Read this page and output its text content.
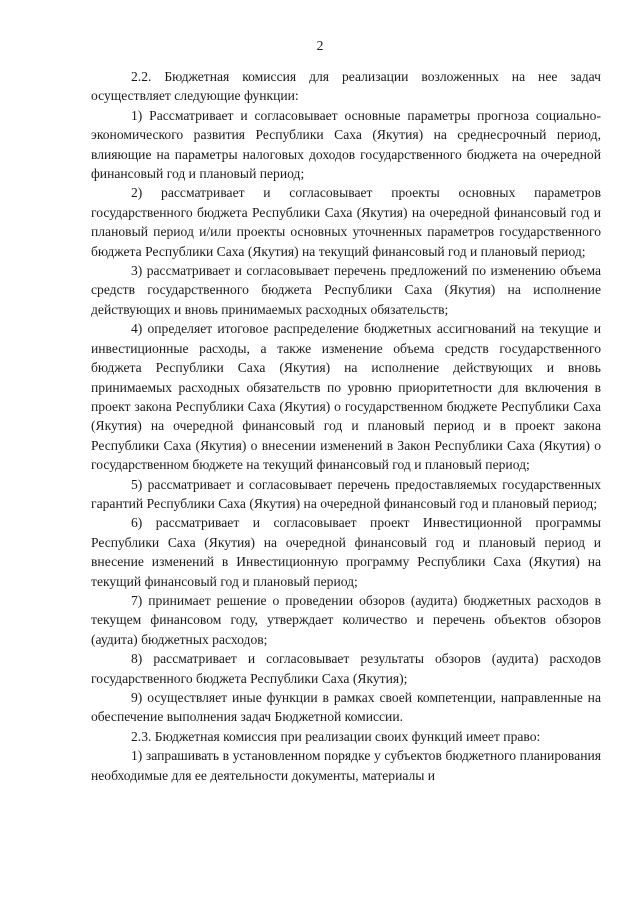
2

2.2. Бюджетная комиссия для реализации возложенных на нее задач осуществляет следующие функции:

1) Рассматривает и согласовывает основные параметры прогноза социально-экономического развития Республики Саха (Якутия) на среднесрочный период, влияющие на параметры налоговых доходов государственного бюджета на очередной финансовый год и плановый период;

2) рассматривает и согласовывает проекты основных параметров государственного бюджета Республики Саха (Якутия) на очередной финансовый год и плановый период и/или проекты основных уточненных параметров государственного бюджета Республики Саха (Якутия) на текущий финансовый год и плановый период;

3) рассматривает и согласовывает перечень предложений по изменению объема средств государственного бюджета Республики Саха (Якутия) на исполнение действующих и вновь принимаемых расходных обязательств;

4) определяет итоговое распределение бюджетных ассигнований на текущие и инвестиционные расходы, а также изменение объема средств государственного бюджета Республики Саха (Якутия) на исполнение действующих и вновь принимаемых расходных обязательств по уровню приоритетности для включения в проект закона Республики Саха (Якутия) о государственном бюджете Республики Саха (Якутия) на очередной финансовый год и плановый период и в проект закона Республики Саха (Якутия) о внесении изменений в Закон Республики Саха (Якутия) о государственном бюджете на текущий финансовый год и плановый период;

5) рассматривает и согласовывает перечень предоставляемых государственных гарантий Республики Саха (Якутия) на очередной финансовый год и плановый период;

6) рассматривает и согласовывает проект Инвестиционной программы Республики Саха (Якутия) на очередной финансовый год и плановый период и внесение изменений в Инвестиционную программу Республики Саха (Якутия) на текущий финансовый год и плановый период;

7) принимает решение о проведении обзоров (аудита) бюджетных расходов в текущем финансовом году, утверждает количество и перечень объектов обзоров (аудита) бюджетных расходов;

8) рассматривает и согласовывает результаты обзоров (аудита) расходов государственного бюджета Республики Саха (Якутия);

9) осуществляет иные функции в рамках своей компетенции, направленные на обеспечение выполнения задач Бюджетной комиссии.

2.3. Бюджетная комиссия при реализации своих функций имеет право:

1) запрашивать в установленном порядке у субъектов бюджетного планирования необходимые для ее деятельности документы, материалы и
